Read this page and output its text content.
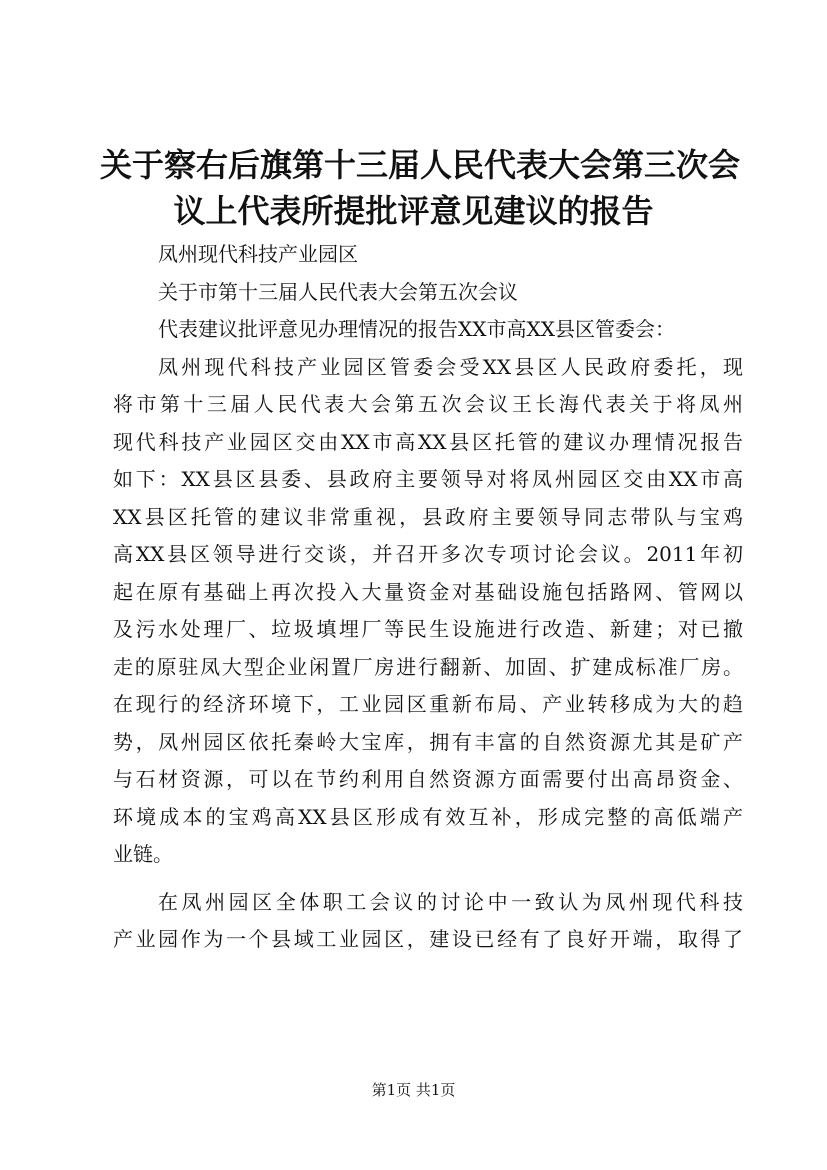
关于察右后旗第十三届人民代表大会第三次会
议上代表所提批评意见建议的报告
凤州现代科技产业园区
关于市第十三届人民代表大会第五次会议
代表建议批评意见办理情况的报告XX市高XX县区管委会：
凤州现代科技产业园区管委会受XX县区人民政府委托，现
将市第十三届人民代表大会第五次会议王长海代表关于将凤州
现代科技产业园区交由XX市高XX县区托管的建议办理情况报告
如下：XX县区县委、县政府主要领导对将凤州园区交由XX市高
XX县区托管的建议非常重视，县政府主要领导同志带队与宝鸡
高XX县区领导进行交谈，并召开多次专项讨论会议。2011年初
起在原有基础上再次投入大量资金对基础设施包括路网、管网以
及污水处理厂、垃圾填埋厂等民生设施进行改造、新建；对已撤
走的原驻凤大型企业闲置厂房进行翻新、加固、扩建成标准厂房。
在现行的经济环境下，工业园区重新布局、产业转移成为大的趋
势，凤州园区依托秦岭大宝库，拥有丰富的自然资源尤其是矿产
与石材资源，可以在节约利用自然资源方面需要付出高昂资金、
环境成本的宝鸡高XX县区形成有效互补，形成完整的高低端产
业链。
在凤州园区全体职工会议的讨论中一致认为凤州现代科技
产业园作为一个县域工业园区，建设已经有了良好开端，取得了
第1页 共1页
